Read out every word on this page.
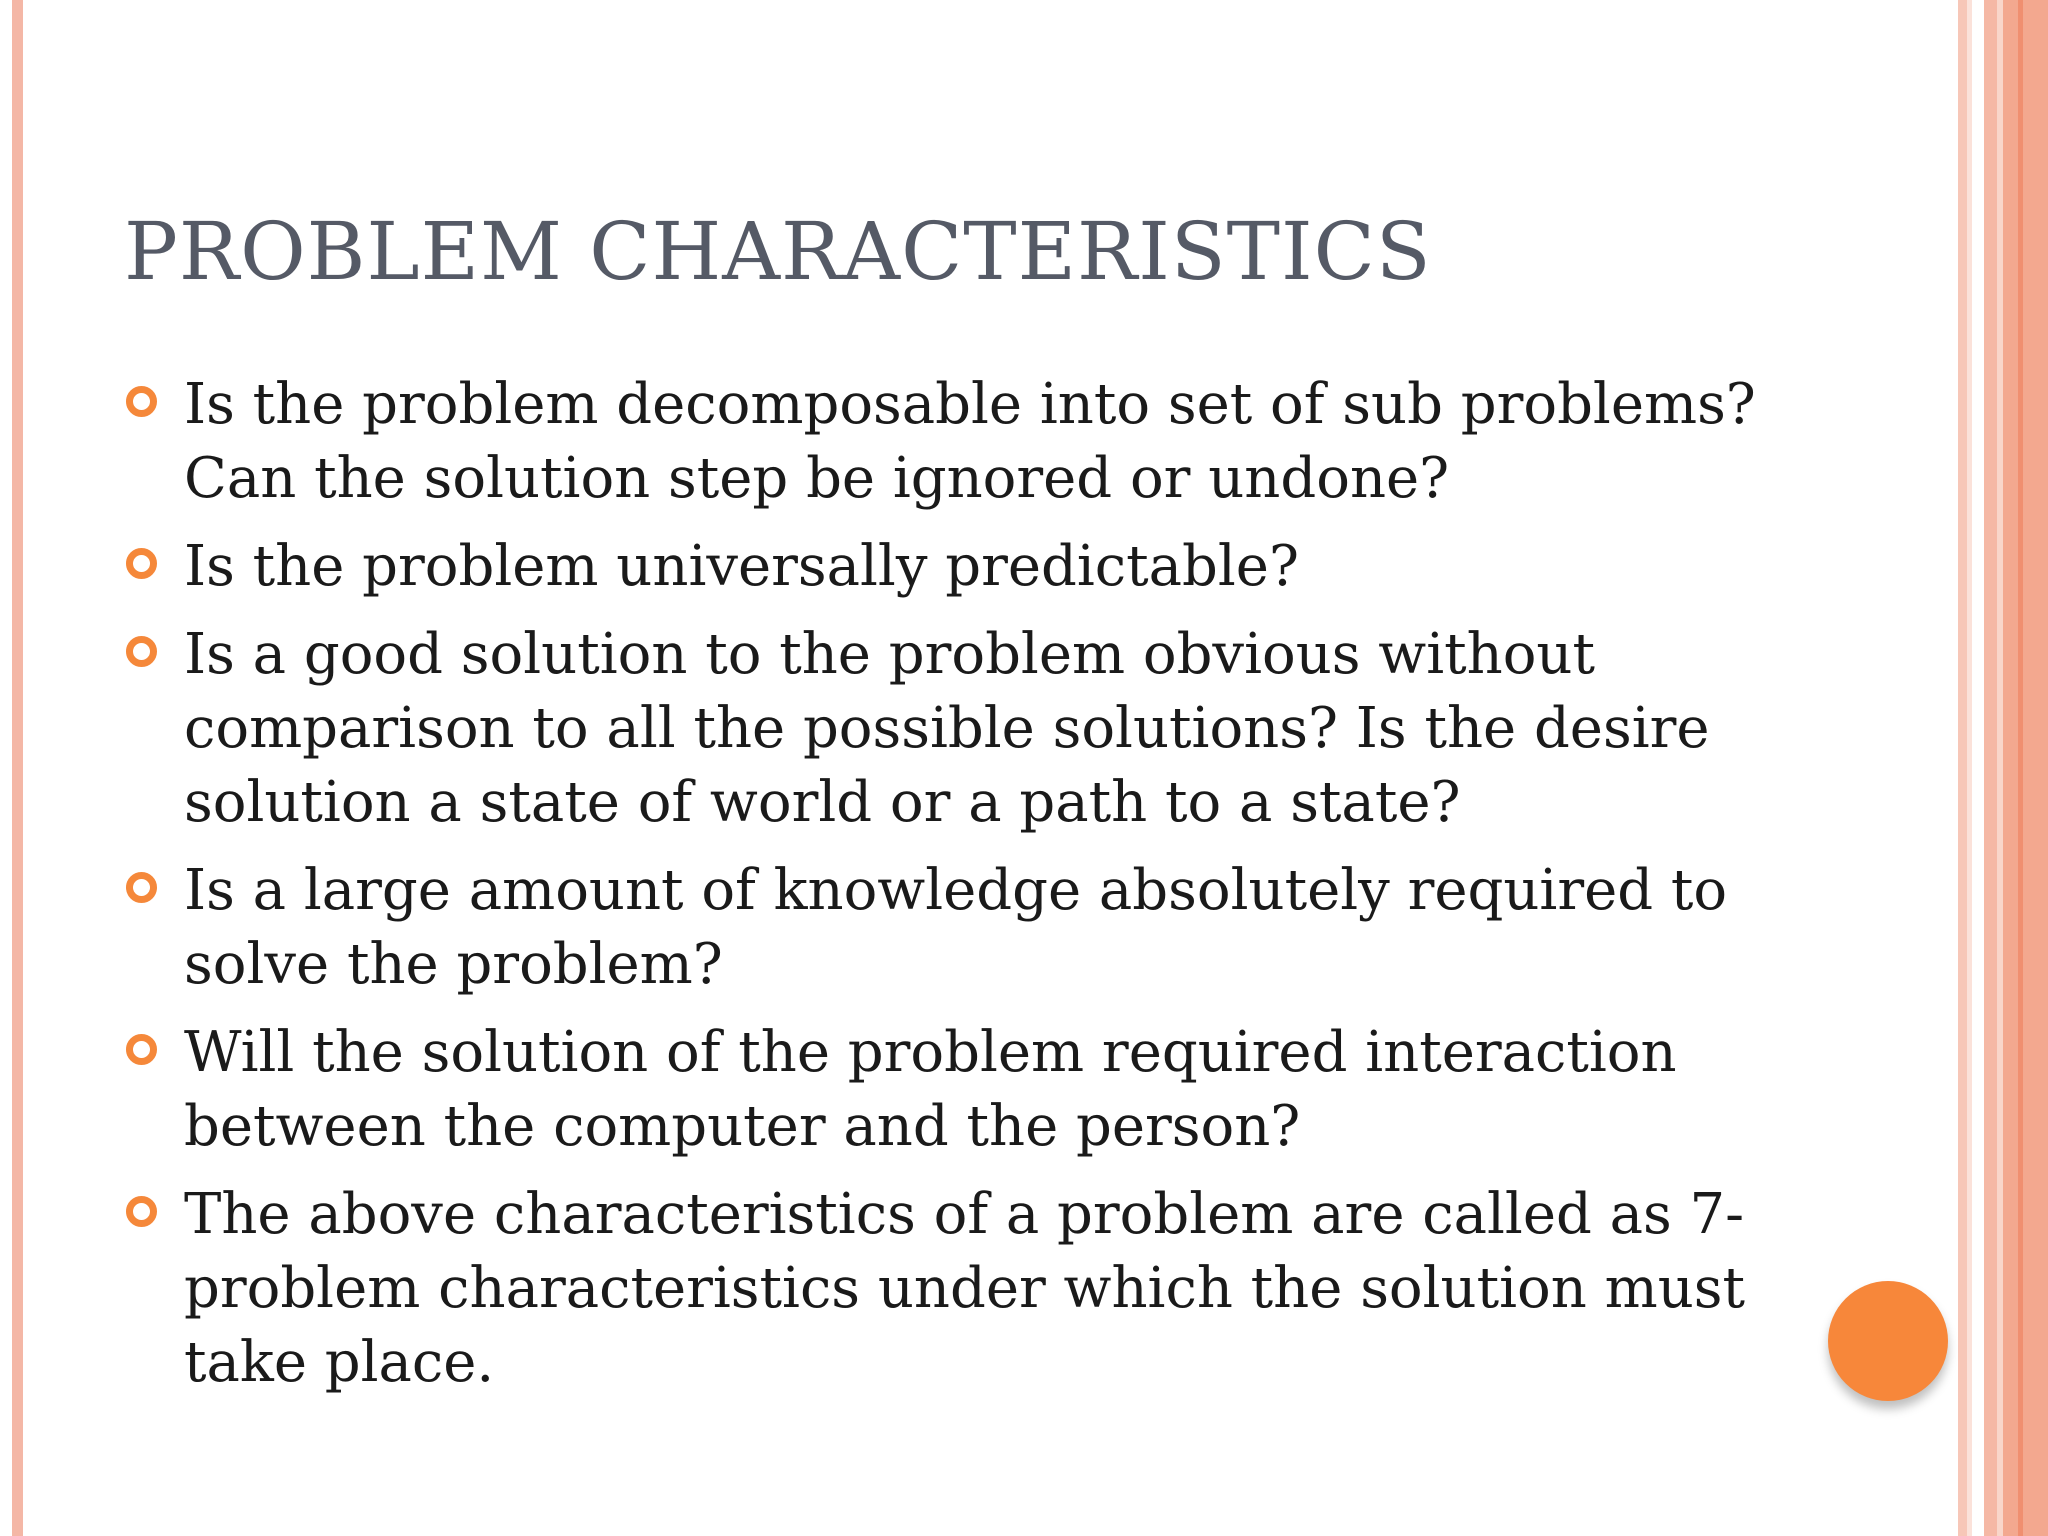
PROBLEM CHARACTERISTICS
Is the problem decomposable into set of sub problems?
Can the solution step be ignored or undone?
Is the problem universally predictable?
Is a good solution to the problem obvious without
comparison to all the possible solutions? Is the desire
solution a state of world or a path to a state?
Is a large amount of knowledge absolutely required to
solve the problem?
Will the solution of the problem required interaction
between the computer and the person?
The above characteristics of a problem are called as 7-
problem characteristics under which the solution must
take place.
